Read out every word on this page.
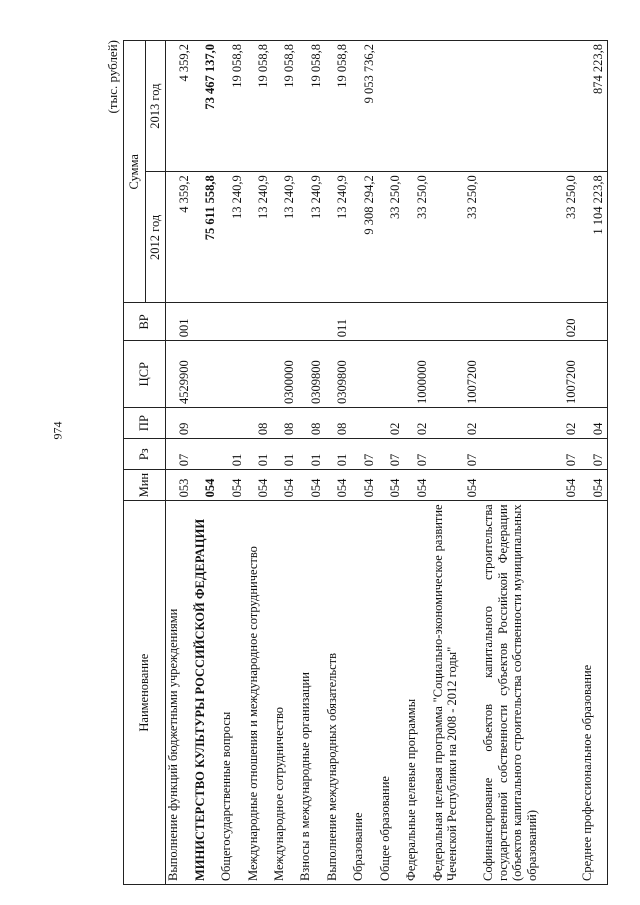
974
(тыс. рублей)
Наименование	Мин	Рз	ПР	ЦСР	ВР	Сумма	
						2012 год	2013 год
Выполнение функций бюджетными учреждениями	053	07	09	4529900	001	4 359,2	4 359,2
МИНИСТЕРСТВО КУЛЬТУРЫ РОССИЙСКОЙ ФЕДЕРАЦИИ	054					75 611 558,8	73 467 137,0
Общегосударственные вопросы	054	01				13 240,9	19 058,8
Международные отношения и международное сотрудничество	054	01	08			13 240,9	19 058,8
Международное сотрудничество	054	01	08	0300000		13 240,9	19 058,8
Взносы в международные организации	054	01	08	0309800		13 240,9	19 058,8
Выполнение международных обязательств	054	01	08	0309800	011	13 240,9	19 058,8
Образование	054	07				9 308 294,2	9 053 736,2
Общее образование	054	07	02			33 250,0	
Федеральные целевые программы	054	07	02	1000000		33 250,0	
Федеральная целевая программа "Социально-экономическое развитие Чеченской Республики на 2008 - 2012 годы"	054	07	02	1007200		33 250,0	
Софинансирование объектов капитального строительства государственной собственности субъектов Российской Федерации (объектов капитального строительства собственности муниципальных образований)	054	07	02	1007200	020	33 250,0	
Среднее профессиональное образование	054	07	04			1 104 223,8	874 223,8
